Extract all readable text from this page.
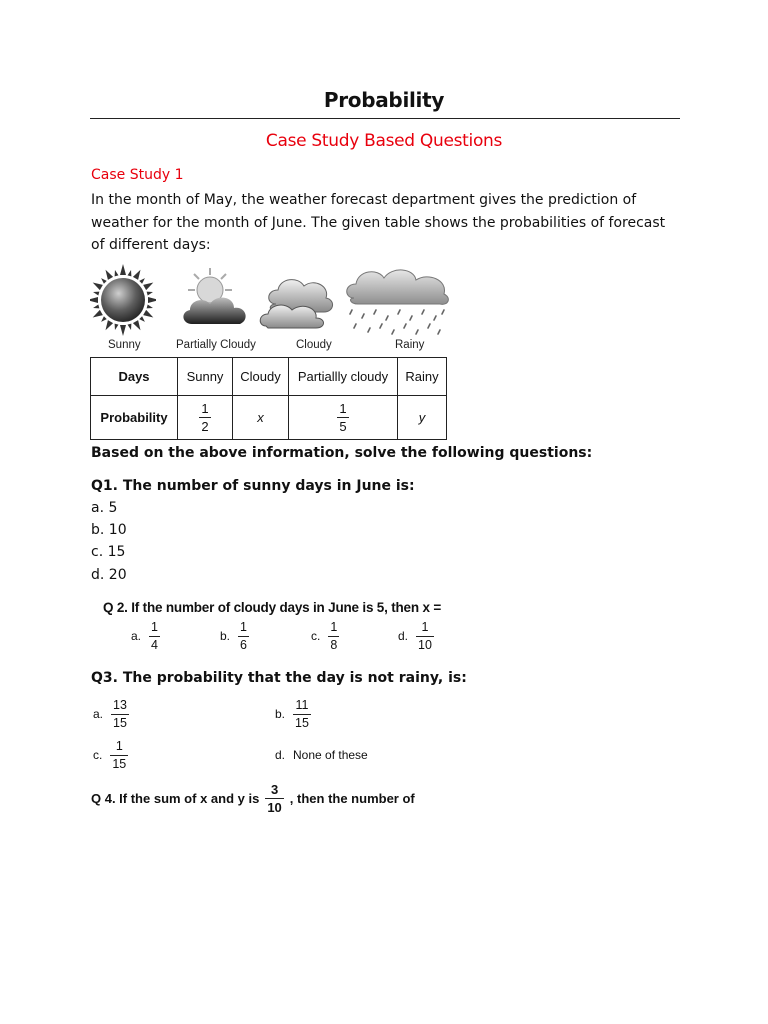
Probability
Case Study Based Questions
Case Study 1
In the month of May, the weather forecast department gives the prediction of weather for the month of June. The given table shows the probabilities of forecast of different days:
Sunny	Partially Cloudy	Cloudy	Rainy
Days	Sunny	Cloudy	Partiallly cloudy	Rainy
Probability	$\frac{1}{2}$	x	$\frac{1}{5}$	y
Based on the above information, solve the following questions:
Q1. The number of sunny days in June is:
a. 5
b. 10
c. 15
d. 20
Q 2. If the number of cloudy days in June is 5, then x =
a. $\frac{1}{4}$	b. $\frac{1}{6}$	c. $\frac{1}{8}$	d. $\frac{1}{10}$
Q3. The probability that the day is not rainy, is:
a. $\frac{13}{15}$	b. $\frac{11}{15}$
c. $\frac{1}{15}$	d. None of these
Q 4. If the sum of x and y is $\frac{3}{10}$ , then the number of
